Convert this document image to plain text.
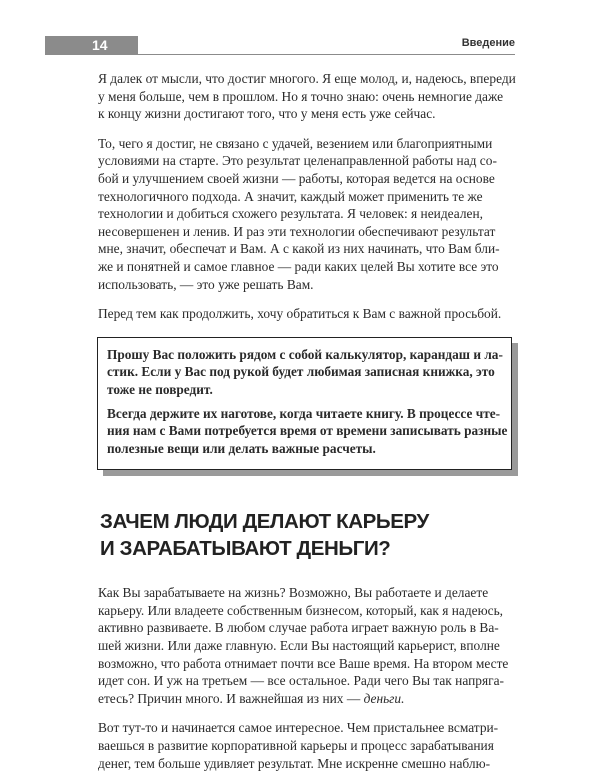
14	Введение

Я далек от мысли, что достиг многого. Я еще молод, и, надеюсь, впереди
у меня больше, чем в прошлом. Но я точно знаю: очень немногие даже
к концу жизни достигают того, что у меня есть уже сейчас.

То, чего я достиг, не связано с удачей, везением или благоприятными
условиями на старте. Это результат целенаправленной работы над со-
бой и улучшением своей жизни — работы, которая ведется на основе
технологичного подхода. А значит, каждый может применить те же
технологии и добиться схожего результата. Я человек: я неидеален,
несовершенен и ленив. И раз эти технологии обеспечивают результат
мне, значит, обеспечат и Вам. А с какой из них начинать, что Вам бли-
же и понятней и самое главное — ради каких целей Вы хотите все это
использовать, — это уже решать Вам.

Перед тем как продолжить, хочу обратиться к Вам с важной просьбой.

Прошу Вас положить рядом с собой калькулятор, карандаш и ла-
стик. Если у Вас под рукой будет любимая записная книжка, это
тоже не повредит.

Всегда держите их наготове, когда читаете книгу. В процессе чте-
ния нам с Вами потребуется время от времени записывать разные
полезные вещи или делать важные расчеты.

ЗАЧЕМ ЛЮДИ ДЕЛАЮТ КАРЬЕРУ
И ЗАРАБАТЫВАЮТ ДЕНЬГИ?

Как Вы зарабатываете на жизнь? Возможно, Вы работаете и делаете
карьеру. Или владеете собственным бизнесом, который, как я надеюсь,
активно развиваете. В любом случае работа играет важную роль в Ва-
шей жизни. Или даже главную. Если Вы настоящий карьерист, вполне
возможно, что работа отнимает почти все Ваше время. На втором месте
идет сон. И уж на третьем — все остальное. Ради чего Вы так напряга-
етесь? Причин много. И важнейшая из них — деньги.

Вот тут-то и начинается самое интересное. Чем пристальнее всматри-
ваешься в развитие корпоративной карьеры и процесс зарабатывания
денег, тем больше удивляет результат. Мне искренне смешно наблю-
